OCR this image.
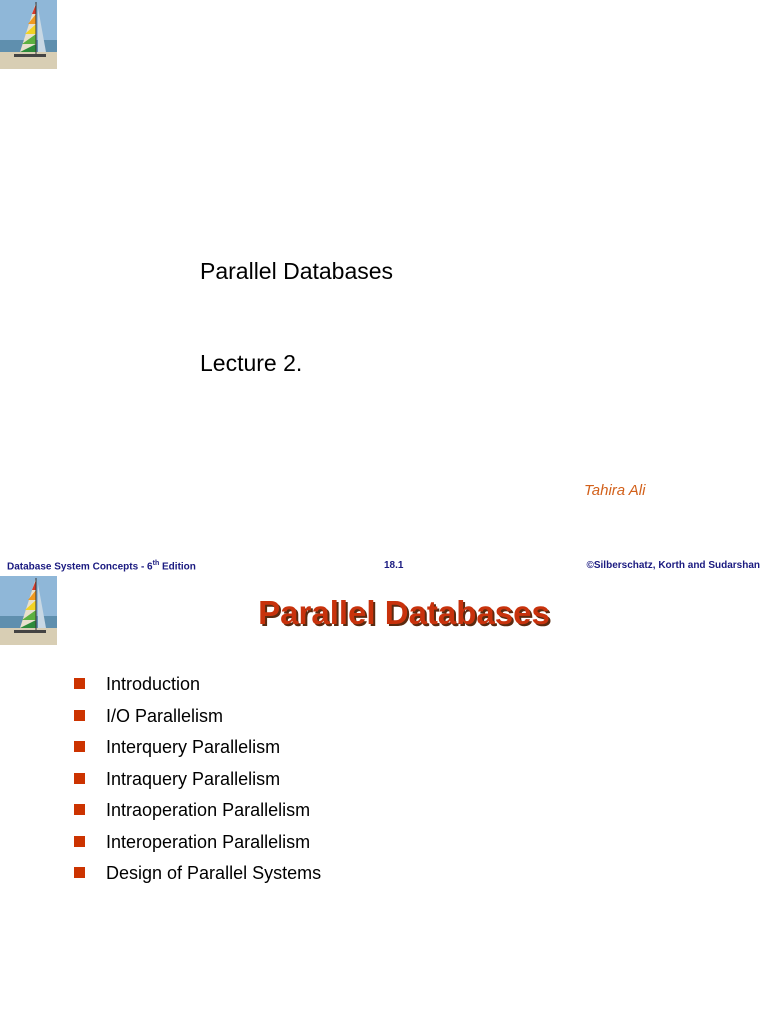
Parallel Databases
Lecture 2.
Tahira Ali
Database System Concepts - 6th Edition	18.1	©Silberschatz, Korth and Sudarshan
Parallel Databases
Introduction
I/O Parallelism
Interquery Parallelism
Intraquery Parallelism
Intraoperation Parallelism
Interoperation Parallelism
Design of Parallel Systems
